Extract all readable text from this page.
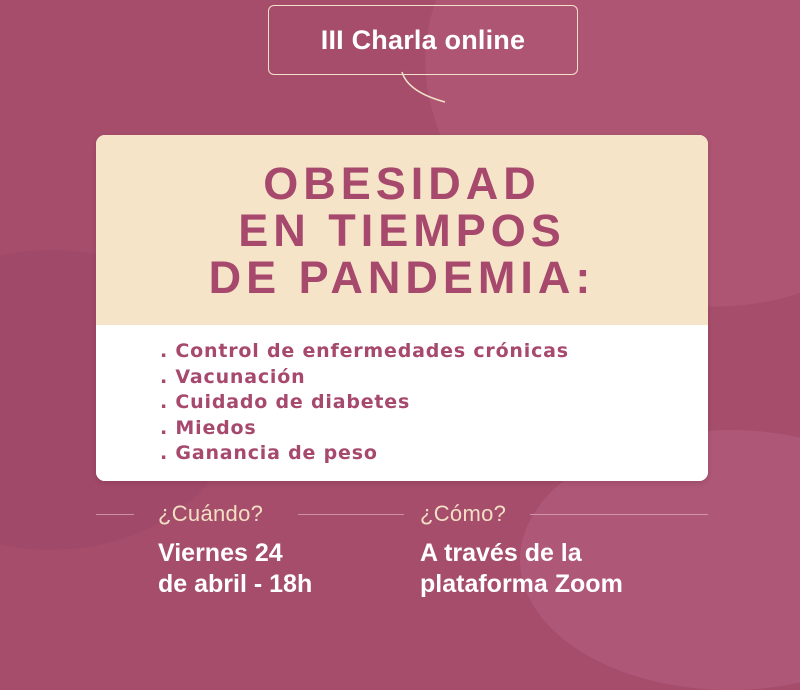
III Charla online
OBESIDAD
EN TIEMPOS
DE PANDEMIA:
. Control de enfermedades crónicas
. Vacunación
. Cuidado de diabetes
. Miedos
. Ganancia de peso
¿Cuándo?	¿Cómo?
Viernes 24
de abril - 18h
A través de la
plataforma Zoom
